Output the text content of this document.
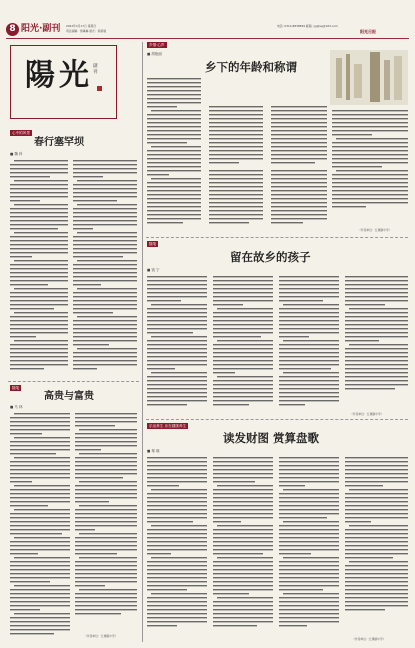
8 阳光·副刊 2022年4月17日 星期日
责任编辑：徐琳琳 版式：杨紫晨
电话: 0312-8838899 邮箱: yg@sg@163.com
阳光日报
陽光 副刊
心中的风景
春行塞罕坝
■ 魏 科
随笔
高贵与富贵
■ 马 林
（作者单位：红旗镇中学）
乡情·心声
■ 胡艳丽
乡下的年龄和称谓
（作者单位：红旗镇中学）
随笔
留在故乡的孩子
■ 钱 宁
（作者单位：红旗镇中学）
乐活养生 乐在健康养生
读发财图 赏算盘歌
■ 秦 晓
（作者单位：红旗镇中学）
